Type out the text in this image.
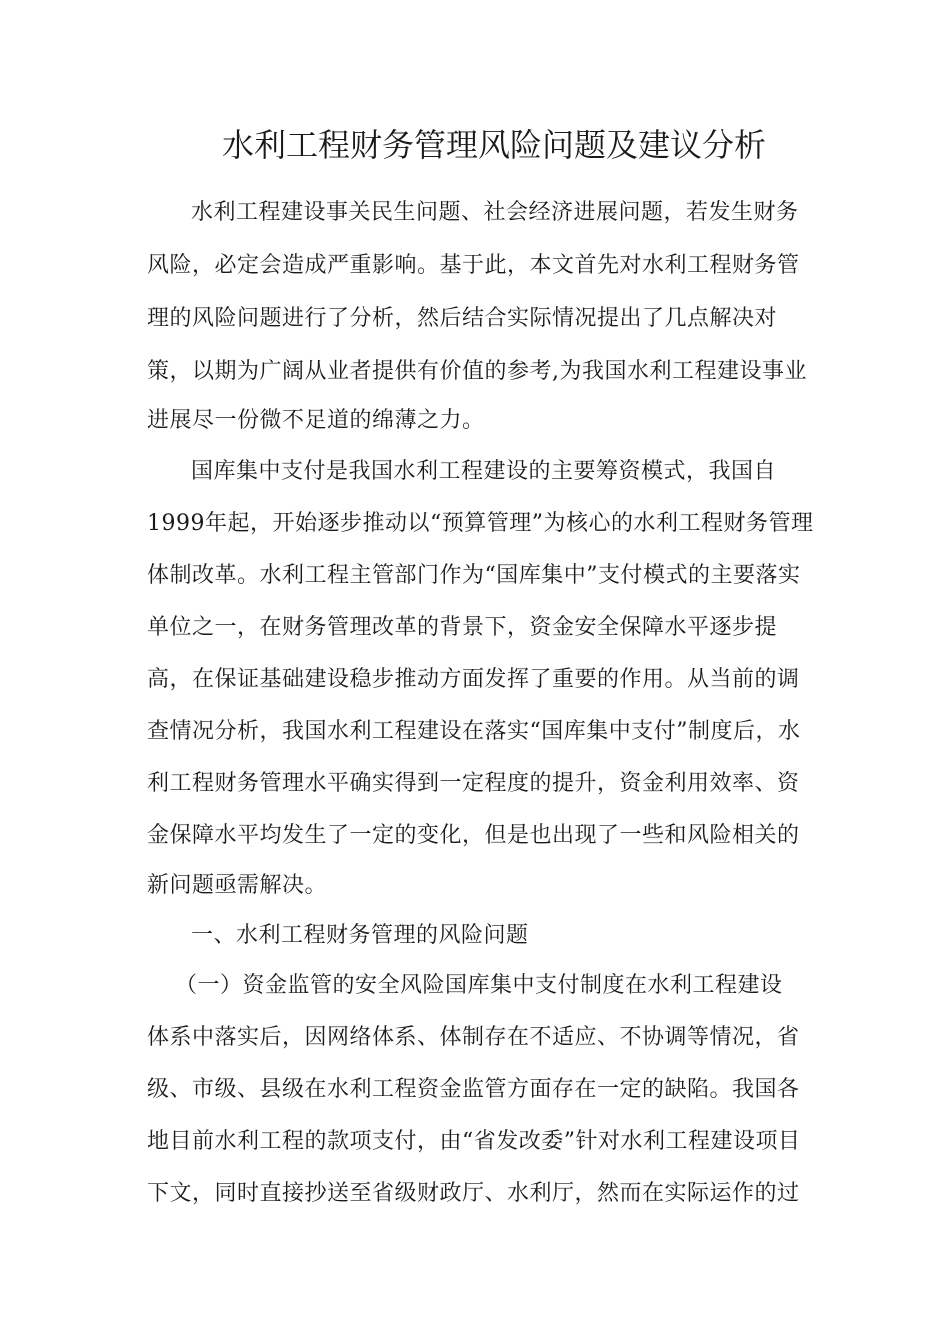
水利工程财务管理风险问题及建议分析
水利工程建设事关民生问题、社会经济进展问题，若发生财务
风险，必定会造成严重影响。基于此，本文首先对水利工程财务管
理的风险问题进行了分析，然后结合实际情况提出了几点解决对
策，以期为广阔从业者提供有价值的参考,为我国水利工程建设事业
进展尽一份微不足道的绵薄之力。
国库集中支付是我国水利工程建设的主要筹资模式，我国自
1999年起，开始逐步推动以“预算管理”为核心的水利工程财务管理
体制改革。水利工程主管部门作为“国库集中”支付模式的主要落实
单位之一，在财务管理改革的背景下，资金安全保障水平逐步提
高，在保证基础建设稳步推动方面发挥了重要的作用。从当前的调
查情况分析，我国水利工程建设在落实“国库集中支付”制度后，水
利工程财务管理水平确实得到一定程度的提升，资金利用效率、资
金保障水平均发生了一定的变化，但是也出现了一些和风险相关的
新问题亟需解决。
一、水利工程财务管理的风险问题
（一）资金监管的安全风险国库集中支付制度在水利工程建设
体系中落实后，因网络体系、体制存在不适应、不协调等情况，省
级、市级、县级在水利工程资金监管方面存在一定的缺陷。我国各
地目前水利工程的款项支付，由“省发改委”针对水利工程建设项目
下文，同时直接抄送至省级财政厅、水利厅，然而在实际运作的过
